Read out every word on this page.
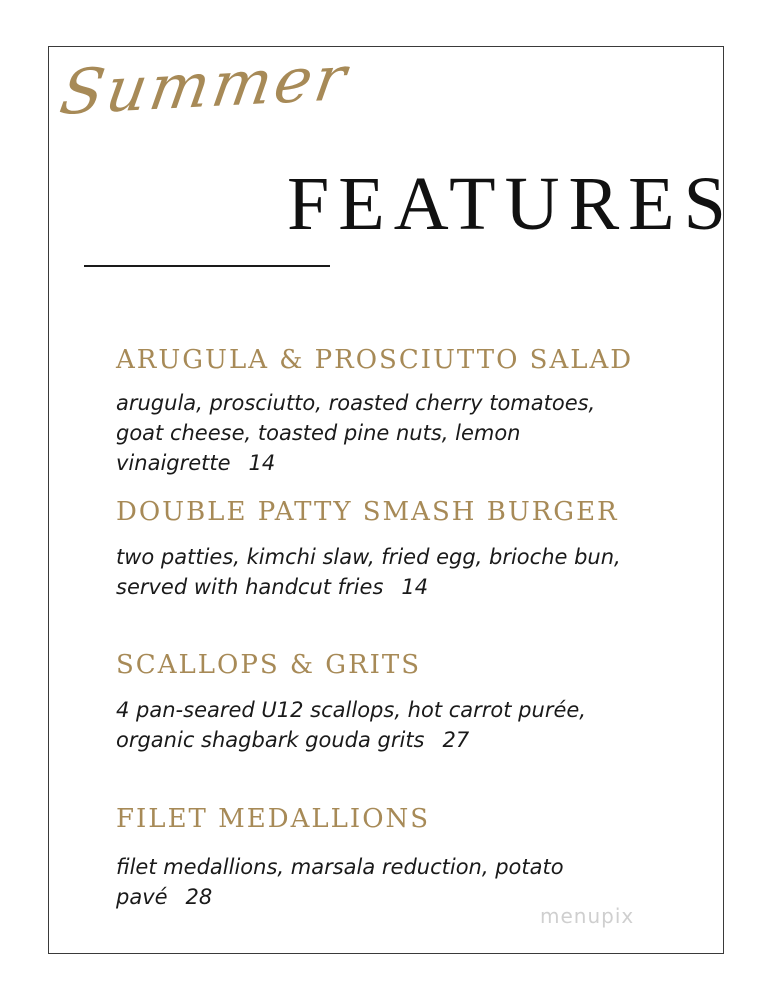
Summer
FEATURES
ARUGULA & PROSCIUTTO SALAD

arugula, prosciutto, roasted cherry tomatoes,
goat cheese, toasted pine nuts, lemon
vinaigrette 14

DOUBLE PATTY SMASH BURGER

two patties, kimchi slaw, fried egg, brioche bun,
served with handcut fries 14

SCALLOPS & GRITS

4 pan-seared U12 scallops, hot carrot purée,
organic shagbark gouda grits 27

FILET MEDALLIONS

filet medallions, marsala reduction, potato
pavé 28

menupix
